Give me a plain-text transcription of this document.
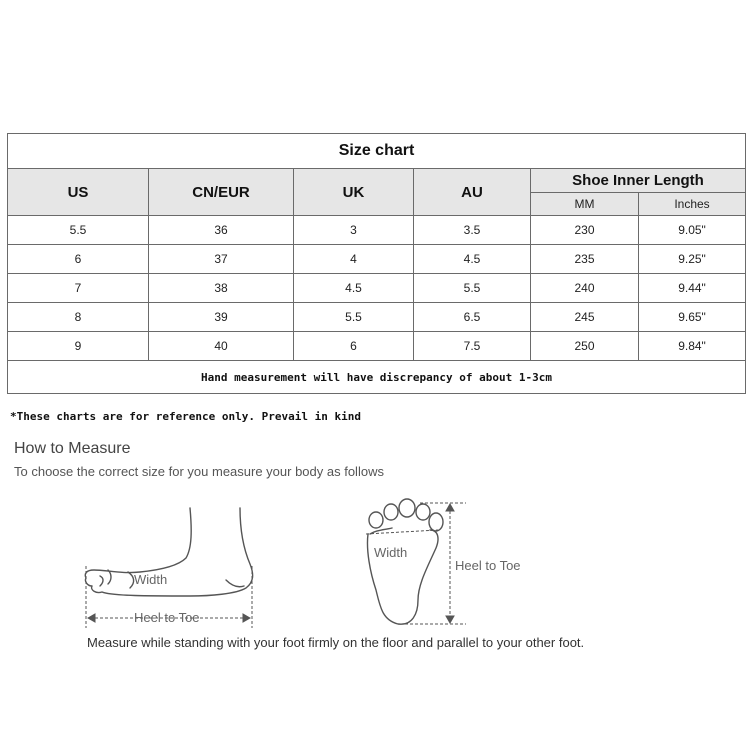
Size chart					
US	CN/EUR	UK	AU	Shoe Inner Length	
				MM	Inches
5.5	36	3	3.5	230	9.05"
6	37	4	4.5	235	9.25"
7	38	4.5	5.5	240	9.44"
8	39	5.5	6.5	245	9.65"
9	40	6	7.5	250	9.84"
Hand measurement will have discrepancy of about 1-3cm					
*These charts are for reference only. Prevail in kind
How to Measure
To choose the correct size for you measure your body as follows
Width
Heel to Toe
Width
Heel to Toe
Measure while standing with your foot firmly on the floor and parallel to your other foot.
